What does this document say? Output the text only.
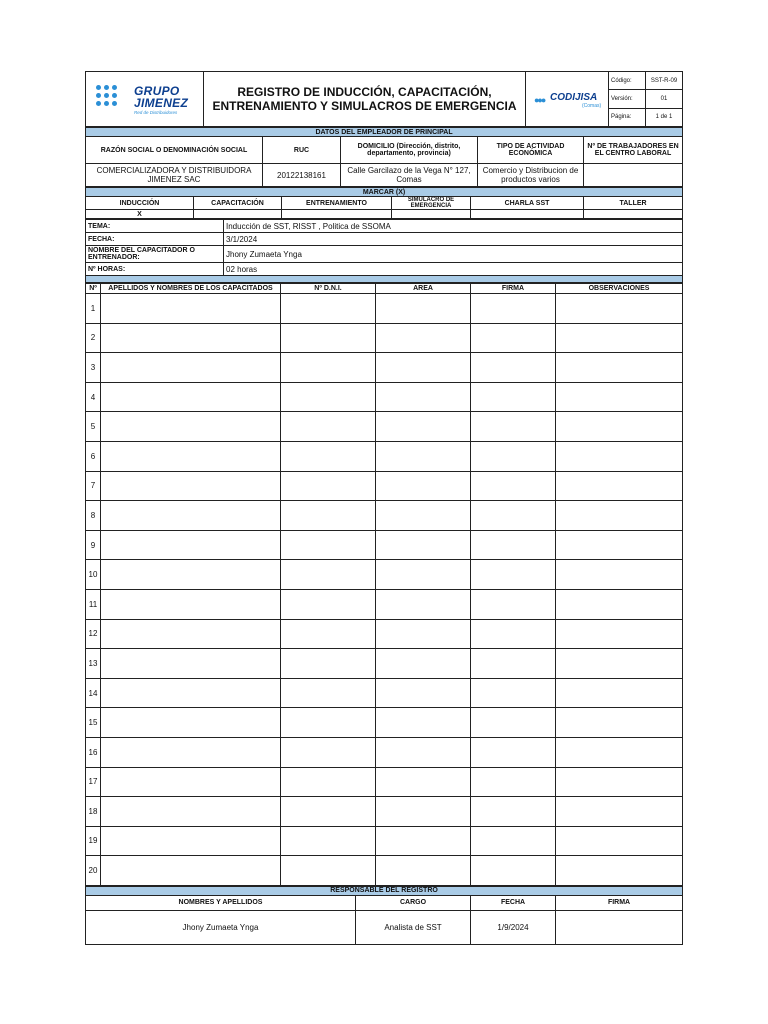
GRUPO
JIMENEZ
Red de Distribuidores

REGISTRO DE INDUCCIÓN, CAPACITACIÓN,
ENTRENAMIENTO Y SIMULACROS DE EMERGENCIA	●●● CODIJISA
(Comas)

Código:	SST-R-09
Versión:	01
Página:	1 de 1
DATOS DEL EMPLEADOR DE PRINCIPAL				
RAZÓN SOCIAL O DENOMINACIÓN SOCIAL	RUC	DOMICILIO (Dirección, distrito, departamento, provincia)	TIPO DE ACTIVIDAD ECONÓMICA	Nº DE TRABAJADORES EN EL CENTRO LABORAL
COMERCIALIZADORA Y DISTRIBUIDORA JIMENEZ SAC	20122138161	Calle Garcilazo de la Vega N° 127, Comas	Comercio y Distribucion de productos varios	
MARCAR (X)					
INDUCCIÓN	CAPACITACIÓN	ENTRENAMIENTO	SIMULACRO DE EMERGENCIA	CHARLA SST	TALLER
X					
TEMA:	Inducción de SST, RISST , Politica de SSOMA
FECHA:	3/1/2024
NOMBRE DEL CAPACITADOR O ENTRENADOR:	Jhony Zumaeta Ynga
Nº HORAS:	02 horas

Nº	APELLIDOS Y NOMBRES DE LOS CAPACITADOS	Nº D.N.I.	AREA	FIRMA	OBSERVACIONES
1					
2					
3					
4					
5					
6					
7					
8					
9					
10					
11					
12					
13					
14					
15					
16					
17					
18					
19					
20					
RESPONSABLE DEL REGISTRO			
NOMBRES Y APELLIDOS	CARGO	FECHA	FIRMA
Jhony Zumaeta Ynga	Analista de SST	1/9/2024	
